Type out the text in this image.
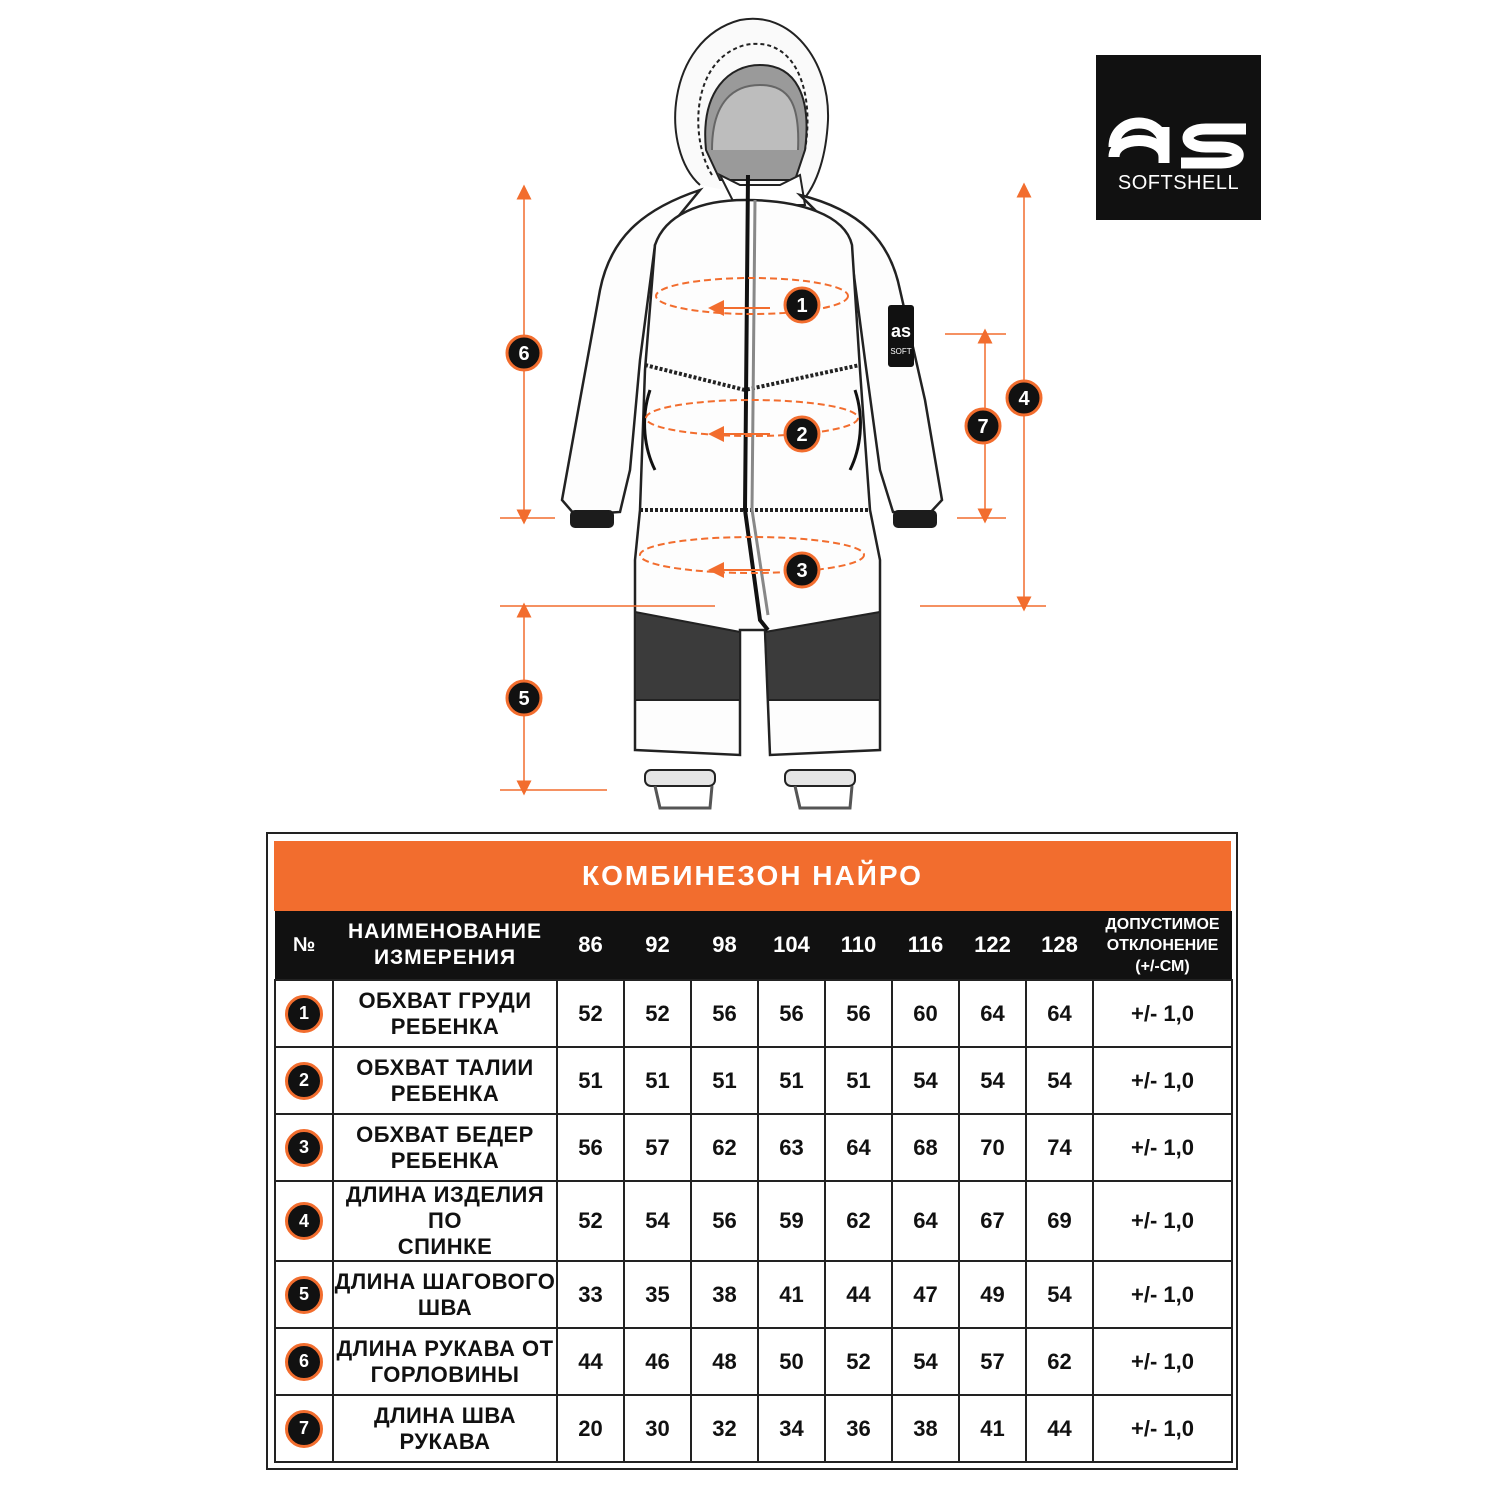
as
SOFT
1
2
3
4
5
6
7
SOFTSHELL
КОМБИНЕЗОН НАЙРО
№	НАИМЕНОВАНИЕ
ИЗМЕРЕНИЯ	86	92	98	104	110	116	122	128	ДОПУСТИМОЕ
ОТКЛОНЕНИЕ
(+/-СМ)
1	ОБХВАТ ГРУДИ
РЕБЕНКА	52	52	56	56	56	60	64	64	+/- 1,0
2	ОБХВАТ ТАЛИИ
РЕБЕНКА	51	51	51	51	51	54	54	54	+/- 1,0
3	ОБХВАТ БЕДЕР
РЕБЕНКА	56	57	62	63	64	68	70	74	+/- 1,0
4	ДЛИНА ИЗДЕЛИЯ ПО
СПИНКЕ	52	54	56	59	62	64	67	69	+/- 1,0
5	ДЛИНА ШАГОВОГО
ШВА	33	35	38	41	44	47	49	54	+/- 1,0
6	ДЛИНА РУКАВА ОТ
ГОРЛОВИНЫ	44	46	48	50	52	54	57	62	+/- 1,0
7	ДЛИНА ШВА РУКАВА	20	30	32	34	36	38	41	44	+/- 1,0
